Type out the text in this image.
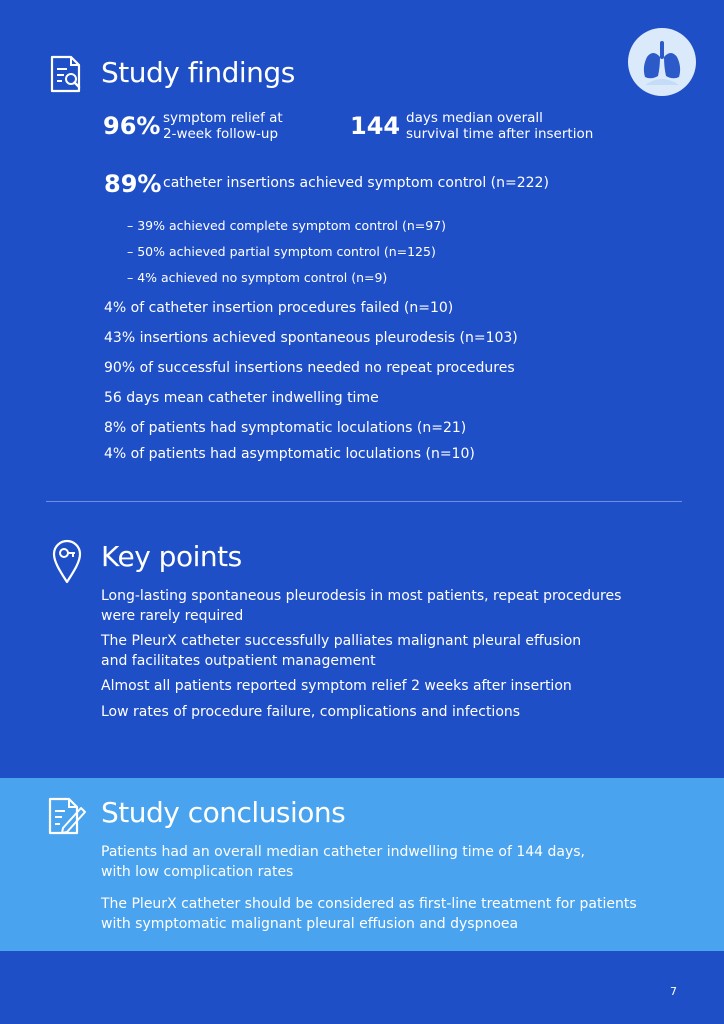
Study findings
96% symptom relief at
2-week follow-up	144 days median overall
survival time after insertion
89% catheter insertions achieved symptom control (n=222)
– 39% achieved complete symptom control (n=97)
– 50% achieved partial symptom control (n=125)
– 4% achieved no symptom control (n=9)
4% of catheter insertion procedures failed (n=10)
43% insertions achieved spontaneous pleurodesis (n=103)
90% of successful insertions needed no repeat procedures
56 days mean catheter indwelling time
8% of patients had symptomatic loculations (n=21)
4% of patients had asymptomatic loculations (n=10)
Key points
Long-lasting spontaneous pleurodesis in most patients, repeat procedures were rarely required
The PleurX catheter successfully palliates malignant pleural effusion and facilitates outpatient management
Almost all patients reported symptom relief 2 weeks after insertion
Low rates of procedure failure, complications and infections
Study conclusions
Patients had an overall median catheter indwelling time of 144 days, with low complication rates
The PleurX catheter should be considered as first-line treatment for patients with symptomatic malignant pleural effusion and dyspnoea
7
